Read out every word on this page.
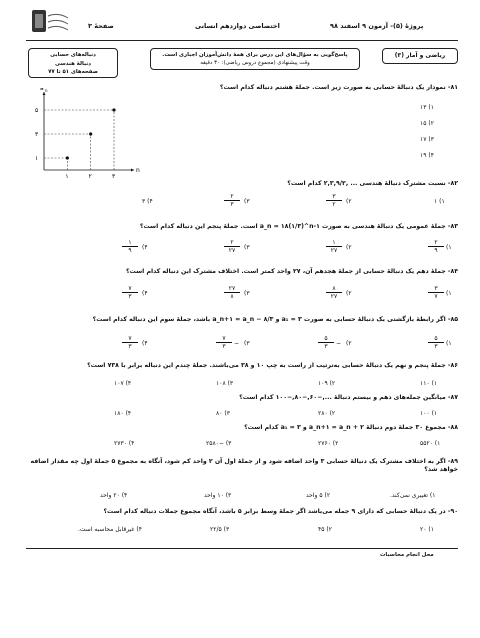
پروژهٔ (۵)- آزمون ۹ اسفند ۹۸
اختصاصی دوازدهم انسانی
صفحهٔ ۳
ریاضی و آمار (۳)
پاسخ‌گویی به سؤال‌های این درس برای همهٔ دانش‌آموزان اجباری است.
وقت پیشنهادی (مجموع دروس ریاضی): ۳۰ دقیقه
دنباله‌های حسابی
دنبالهٔ هندسی
صفحه‌های ۵۱ تا ۷۷
۸۱- نمودار یک دنبالهٔ حسابی به صورت زیر است. جملهٔ هشتم دنباله کدام است؟
n
a n
۱
۱
۲
۳
۳
۵	۱) ۱۳
۲) ۱۵
۳) ۱۷
۴) ۱۹
۸۲- نسبت مشترک دنبالهٔ هندسی ... ,۲,۳,۹/۲ کدام است؟
۱) ۱
۲)
۳
۲
۳)
۲
۳
۴) ۳
۸۳- جملهٔ عمومی یک دنبالهٔ هندسی به صورت a_n = ۱۸(۱/۳)^n-۱ است. جملهٔ پنجم این دنباله کدام است؟
۱)
۲
۹
۲)
۱
۲۷
۳)
۲
۲۷
۴)
۱
۹
۸۴- جملهٔ دهم یک دنبالهٔ حسابی از جملهٔ هجدهم آن، ۲۷ واحد کمتر است. اختلاف مشترک این دنباله کدام است؟
۱)
۳
۷
۲)
۸
۲۷
۳)
۲۷
۸
۴)
۷
۳
۸۵- اگر رابطهٔ بازگشتی یک دنبالهٔ حسابی به صورت a₁ = ۳ و a_n+۱ = a_n − ۸/۳ باشد، جملهٔ سوم این دنباله کدام است؟
۱)
۵
۳
۲)
−
۵
۳
۳)
−
۷
۳
۴)
۷
۳
۸۶- جملهٔ پنجم و نهم یک دنبالهٔ حسابی به‌ترتیب از راست به چپ ۱۰ و ۳۸ می‌باشند. جملهٔ چندم این دنباله برابر با ۷۳۸ است؟
۱) ۱۱۰
۲) ۱۰۹
۳) ۱۰۸
۴) ۱۰۷
۸۷- میانگین جمله‌های دهم و بیستم دنبالهٔ ...,−۶۰,−۸۰,−۱۰۰ کدام است؟
۱) ۱۰۰
۲) ۲۸۰
۳) ۸۰
۴) ۱۸۰
۸۸- مجموع ۳۰ جملهٔ دوم دنبالهٔ a_n+۱ = a_n + ۲ و a₁ = ۳ کدام است؟
۱) ۵۵۲۰
۲) ۲۷۶۰
۳) −۲۵۸۰
۴) ۲۷۳۰
۸۹- اگر به اختلاف مشترک یک دنبالهٔ حسابی ۳ واحد اضافه شود و از جملهٔ اول آن ۲ واحد کم شود، آنگاه به مجموع ۵ جملهٔ اول چه مقدار اضافه خواهد شد؟
۱) تغییری نمی‌کند.
۲) ۵ واحد
۳) ۱۰ واحد
۴) ۲۰ واحد
۹۰- در یک دنبالهٔ حسابی که دارای ۹ جمله می‌باشد اگر جملهٔ وسط برابر ۵ باشد، آنگاه مجموع جملات دنباله کدام است؟
۱) ۲۰
۲) ۴۵
۳) ۲۲/۵
۴) غیرقابل محاسبه است.
محل انجام محاسبات
